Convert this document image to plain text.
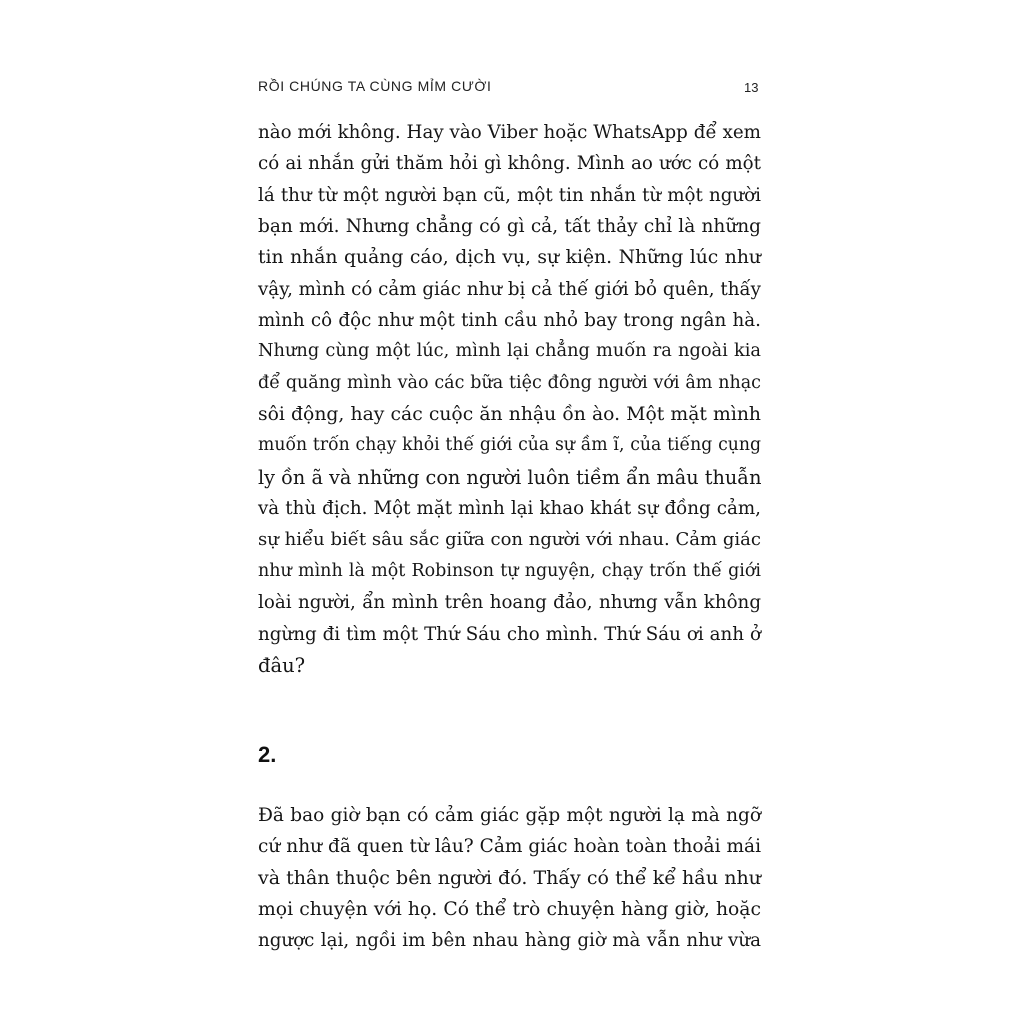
RỒI CHÚNG TA CÙNG MỈM CƯỜI	13
nào mới không. Hay vào Viber hoặc WhatsApp để xem
có ai nhắn gửi thăm hỏi gì không. Mình ao ước có một
lá thư từ một người bạn cũ, một tin nhắn từ một người
bạn mới. Nhưng chẳng có gì cả, tất thảy chỉ là những
tin nhắn quảng cáo, dịch vụ, sự kiện. Những lúc như
vậy, mình có cảm giác như bị cả thế giới bỏ quên, thấy
mình cô độc như một tinh cầu nhỏ bay trong ngân hà.
Nhưng cùng một lúc, mình lại chẳng muốn ra ngoài kia
để quăng mình vào các bữa tiệc đông người với âm nhạc
sôi động, hay các cuộc ăn nhậu ồn ào. Một mặt mình
muốn trốn chạy khỏi thế giới của sự ầm ĩ, của tiếng cụng
ly ồn ã và những con người luôn tiềm ẩn mâu thuẫn
và thù địch. Một mặt mình lại khao khát sự đồng cảm,
sự hiểu biết sâu sắc giữa con người với nhau. Cảm giác
như mình là một Robinson tự nguyện, chạy trốn thế giới
loài người, ẩn mình trên hoang đảo, nhưng vẫn không
ngừng đi tìm một Thứ Sáu cho mình. Thứ Sáu ơi anh ở
đâu?
2.
Đã bao giờ bạn có cảm giác gặp một người lạ mà ngỡ
cứ như đã quen từ lâu? Cảm giác hoàn toàn thoải mái
và thân thuộc bên người đó. Thấy có thể kể hầu như
mọi chuyện với họ. Có thể trò chuyện hàng giờ, hoặc
ngược lại, ngồi im bên nhau hàng giờ mà vẫn như vừa
